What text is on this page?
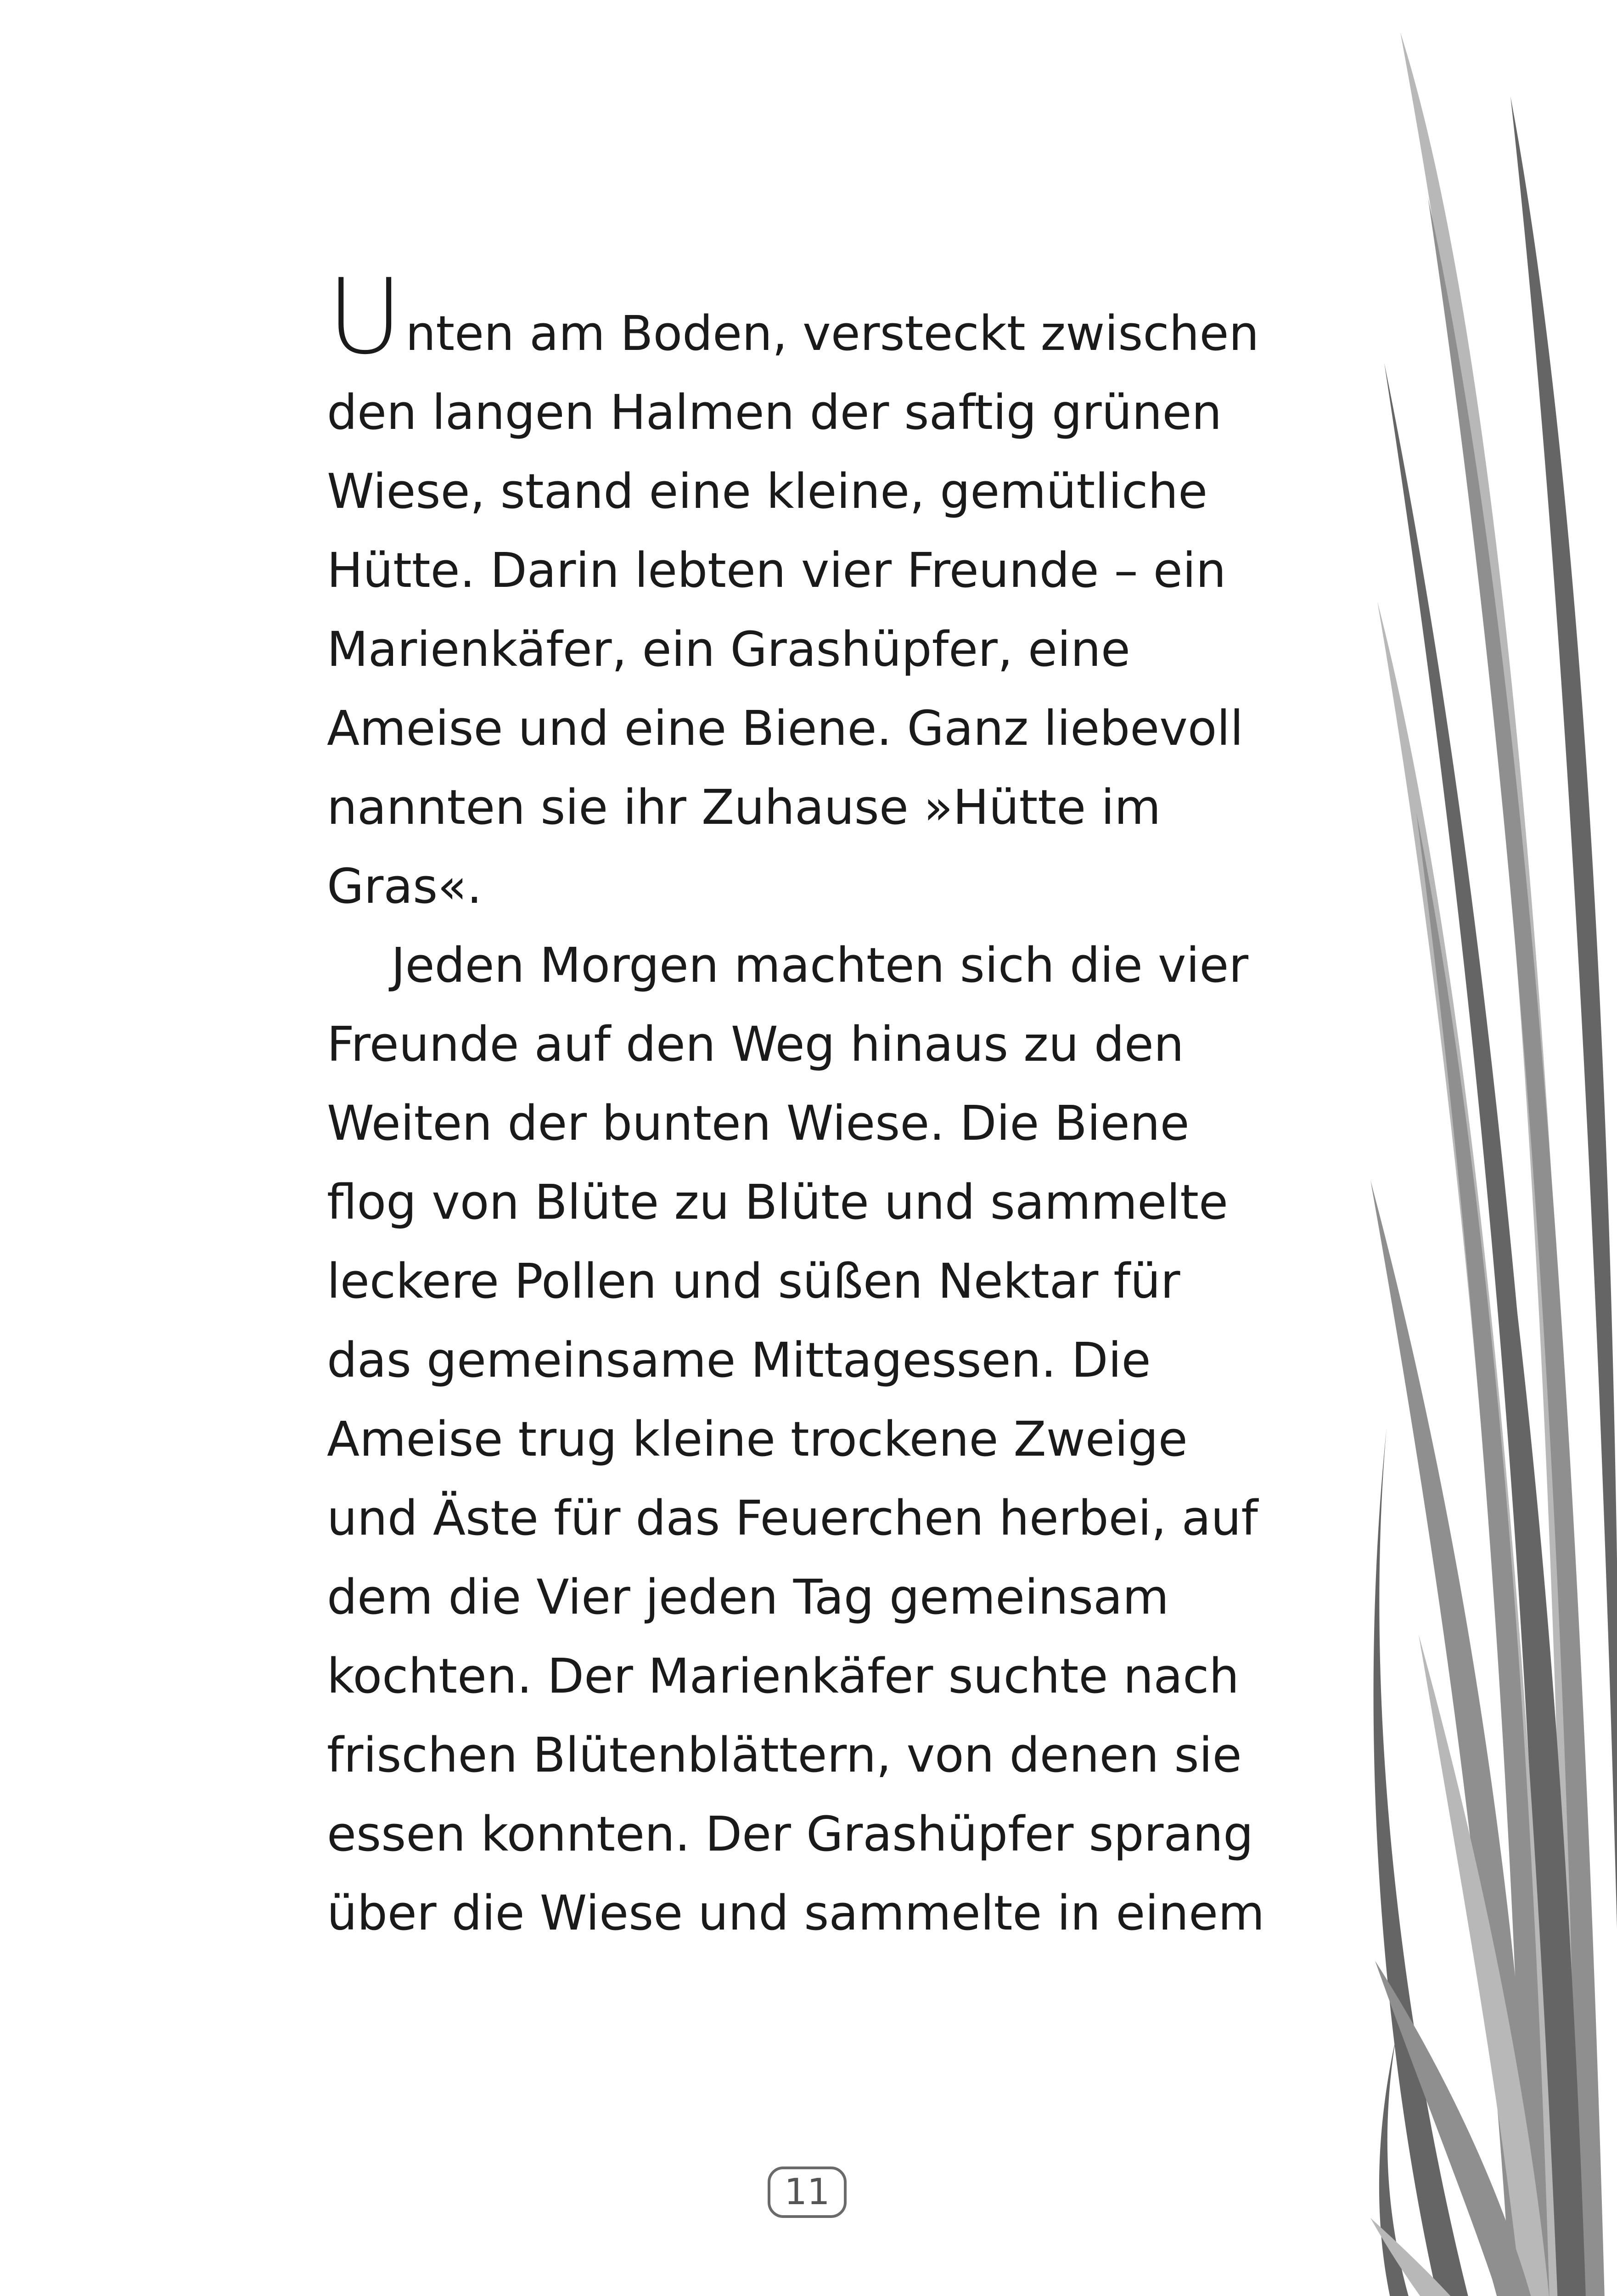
Unten am Boden, versteckt zwischen
den langen Halmen der saftig grünen
Wiese, stand eine kleine, gemütliche
Hütte. Darin lebten vier Freunde – ein
Marienkäfer, ein Grashüpfer, eine
Ameise und eine Biene. Ganz liebevoll
nannten sie ihr Zuhause »Hütte im
Gras«.
Jeden Morgen machten sich die vier
Freunde auf den Weg hinaus zu den
Weiten der bunten Wiese. Die Biene
flog von Blüte zu Blüte und sammelte
leckere Pollen und süßen Nektar für
das gemeinsame Mittagessen. Die
Ameise trug kleine trockene Zweige
und Äste für das Feuerchen herbei, auf
dem die Vier jeden Tag gemeinsam
kochten. Der Marienkäfer suchte nach
frischen Blütenblättern, von denen sie
essen konnten. Der Grashüpfer sprang
über die Wiese und sammelte in einem
11
